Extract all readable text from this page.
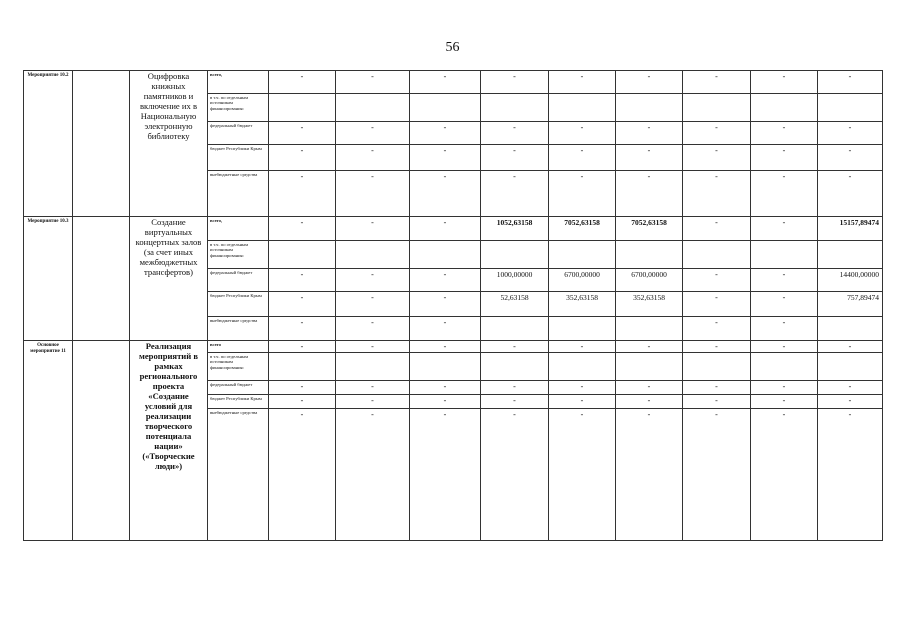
56
Мероприятие 10.2		Оцифровка книжных памятников и включение их в Национальную электронную библиотеку	всего,	-	-	-	-	-	-	-	-	-
			в т.ч. по отдельным источникам финансирования:									
			федеральный бюджет	-	-	-	-	-	-	-	-	-
			бюджет Республики Крым	-	-	-	-	-	-	-	-	-
			внебюджетные средства	-	-	-	-	-	-	-	-	-
Мероприятие 10.3		Создание виртуальных концертных залов (за счет иных межбюджетных трансфертов)	всего,	-	-	-	1052,63158	7052,63158	7052,63158	-	-	15157,89474
			в т.ч. по отдельным источникам финансирования:									
			федеральный бюджет	-	-	-	1000,00000	6700,00000	6700,00000	-	-	14400,00000
			бюджет Республики Крым	-	-	-	52,63158	352,63158	352,63158	-	-	757,89474
			внебюджетные средства	-	-	-				-	-	
Основное мероприятие 11		Реализация мероприятий в рамках регионального проекта «Создание условий для реализации творческого потенциала нации» («Творческие люди»)	всего	-	-	-	-	-	-	-	-	-
			в т.ч. по отдельным источникам финансирования:									
			федеральный бюджет	-	-	-	-	-	-	-	-	-
			бюджет Республики Крым	-	-	-	-	-	-	-	-	-
			внебюджетные средства	-	-	-	-	-	-	-	-	-
